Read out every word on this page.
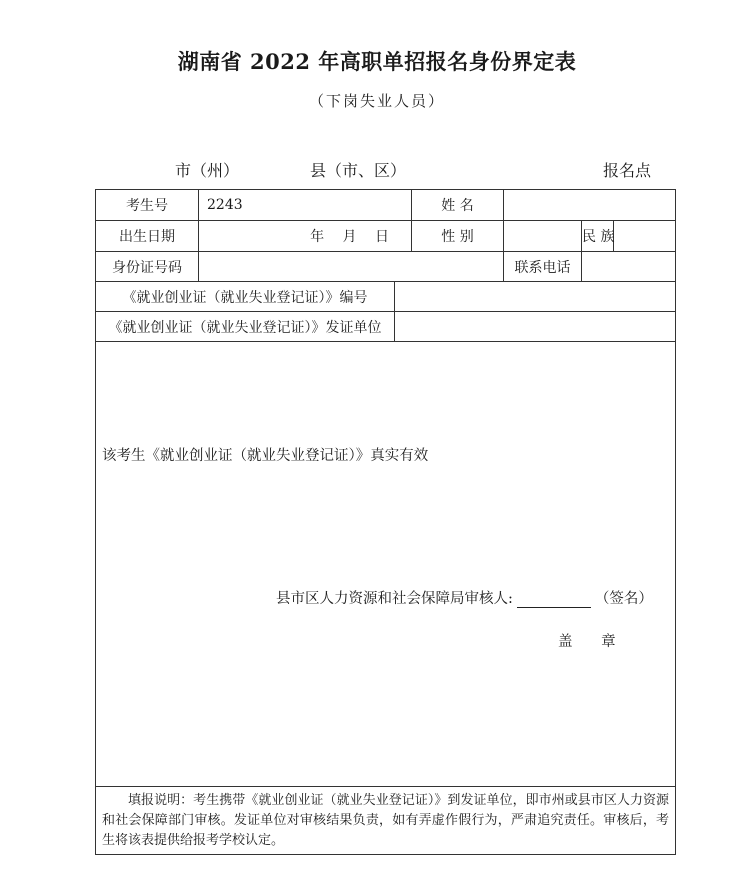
湖南省 2022 年高职单招报名身份界定表
（下岗失业人员）
市（州）	县（市、区）	报名点
考生号	2243		姓 名			
出生日期	年　 月　 日		性 别		民 族	
身份证号码				联系电话		
《就业创业证（就业失业登记证）》编号						
《就业创业证（就业失业登记证）》发证单位						

该考生《就业创业证（就业失业登记证）》真实有效
县市区人力资源和社会保障局审核人: （签名）
盖 章						

填报说明：考生携带《就业创业证（就业失业登记证）》到发证单位，即市州或县市区人力资源和社会保障部门审核。发证单位对审核结果负责，如有弄虚作假行为，严肃追究责任。审核后，考生将该表提供给报考学校认定。						
